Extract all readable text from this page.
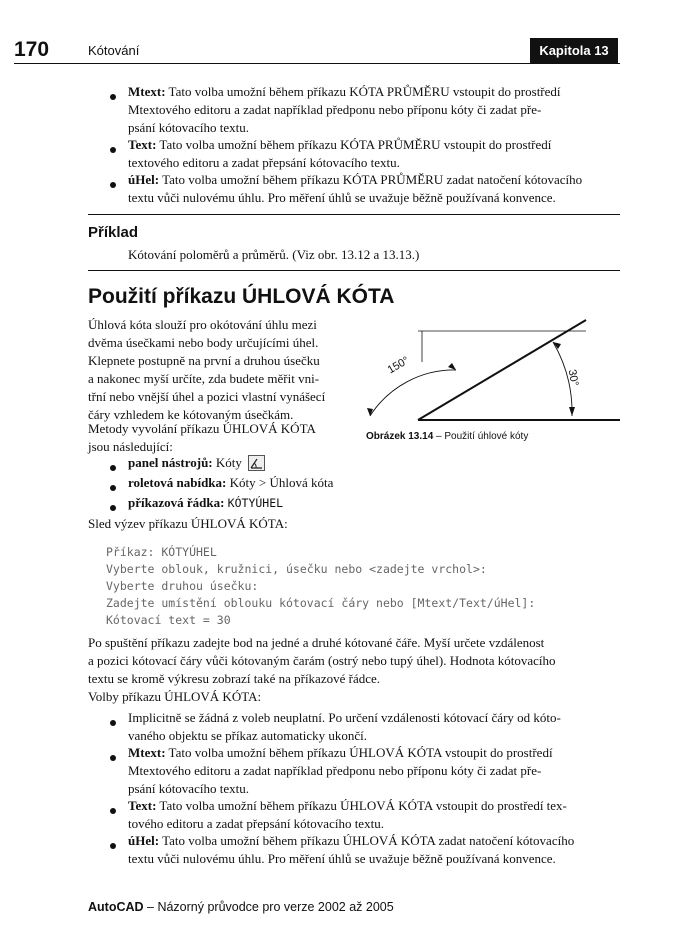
170	Kótování	Kapitola 13
Mtext: Tato volba umožní během příkazu KÓTA PRŮMĚRU vstoupit do prostředí
Mtextového editoru a zadat například předponu nebo příponu kóty či zadat pře-
psání kótovacího textu.
Text: Tato volba umožní během příkazu KÓTA PRŮMĚRU vstoupit do prostředí
textového editoru a zadat přepsání kótovacího textu.
úHel: Tato volba umožní během příkazu KÓTA PRŮMĚRU zadat natočení kótovacího
textu vůči nulovému úhlu. Pro měření úhlů se uvažuje běžně používaná konvence.
Příklad
Kótování poloměrů a průměrů. (Viz obr. 13.12 a 13.13.)
Použití příkazu ÚHLOVÁ KÓTA
Úhlová kóta slouží pro okótování úhlu mezi
dvěma úsečkami nebo body určujícími úhel.
Klepnete postupně na první a druhou úsečku
a nakonec myší určíte, zda budete měřit vni-
třní nebo vnější úhel a pozici vlastní vynášecí
čáry vzhledem ke kótovaným úsečkám.
Metody vyvolání příkazu ÚHLOVÁ KÓTA
jsou následující:
panel nástrojů: Kóty
roletová nabídka: Kóty > Úhlová kóta
příkazová řádka: KÓTYÚHEL
Sled výzev příkazu ÚHLOVÁ KÓTA:
Příkaz: KÓTYÚHEL
Vyberte oblouk, kružnici, úsečku nebo <zadejte vrchol>:
Vyberte druhou úsečku:
Zadejte umístění oblouku kótovací čáry nebo [Mtext/Text/úHel]:
Kótovací text = 30
Po spuštění příkazu zadejte bod na jedné a druhé kótované čáře. Myší určete vzdálenost
a pozici kótovací čáry vůči kótovaným čarám (ostrý nebo tupý úhel). Hodnota kótovacího
textu se kromě výkresu zobrazí také na příkazové řádce.
Volby příkazu ÚHLOVÁ KÓTA:
Implicitně se žádná z voleb neuplatní. Po určení vzdálenosti kótovací čáry od kóto-
vaného objektu se příkaz automaticky ukončí.
Mtext: Tato volba umožní během příkazu ÚHLOVÁ KÓTA vstoupit do prostředí
Mtextového editoru a zadat například předponu nebo příponu kóty či zadat pře-
psání kótovacího textu.
Text: Tato volba umožní během příkazu ÚHLOVÁ KÓTA vstoupit do prostředí tex-
tového editoru a zadat přepsání kótovacího textu.
úHel: Tato volba umožní během příkazu ÚHLOVÁ KÓTA zadat natočení kótovacího
textu vůči nulovému úhlu. Pro měření úhlů se uvažuje běžně používaná konvence.
150°
30°
Obrázek 13.14 – Použití úhlové kóty
AutoCAD – Názorný průvodce pro verze 2002 až 2005
